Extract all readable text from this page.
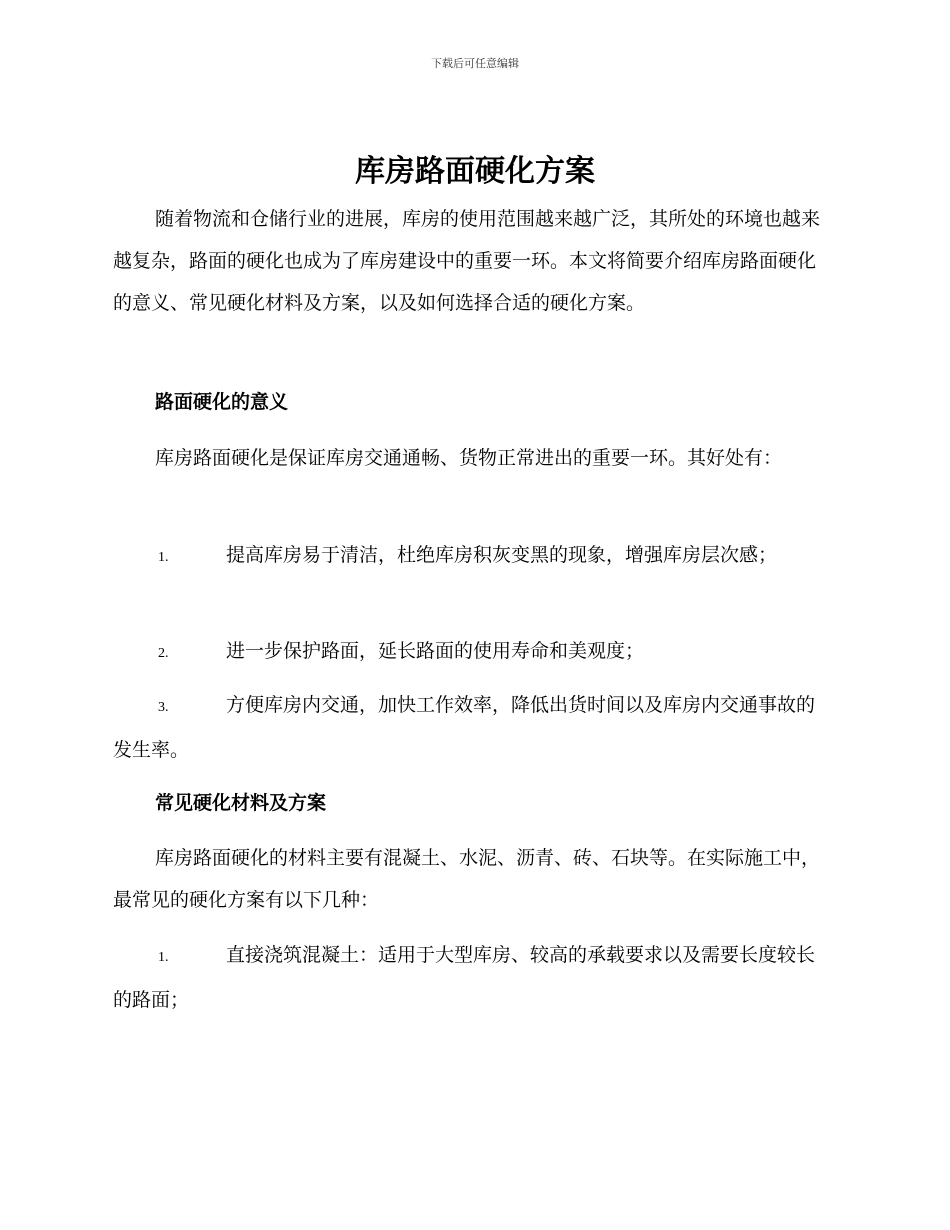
下载后可任意编辑
库房路面硬化方案

随着物流和仓储行业的进展，库房的使用范围越来越广泛，其所处的环境也越来越复杂，路面的硬化也成为了库房建设中的重要一环。本文将简要介绍库房路面硬化的意义、常见硬化材料及方案，以及如何选择合适的硬化方案。

路面硬化的意义

库房路面硬化是保证库房交通通畅、货物正常进出的重要一环。其好处有：

1.	提高库房易于清洁，杜绝库房积灰变黑的现象，增强库房层次感；

2.	进一步保护路面，延长路面的使用寿命和美观度；

3.	方便库房内交通，加快工作效率，降低出货时间以及库房内交通事故的发生率。

常见硬化材料及方案

库房路面硬化的材料主要有混凝土、水泥、沥青、砖、石块等。在实际施工中，最常见的硬化方案有以下几种：

1.	直接浇筑混凝土：适用于大型库房、较高的承载要求以及需要长度较长的路面；
